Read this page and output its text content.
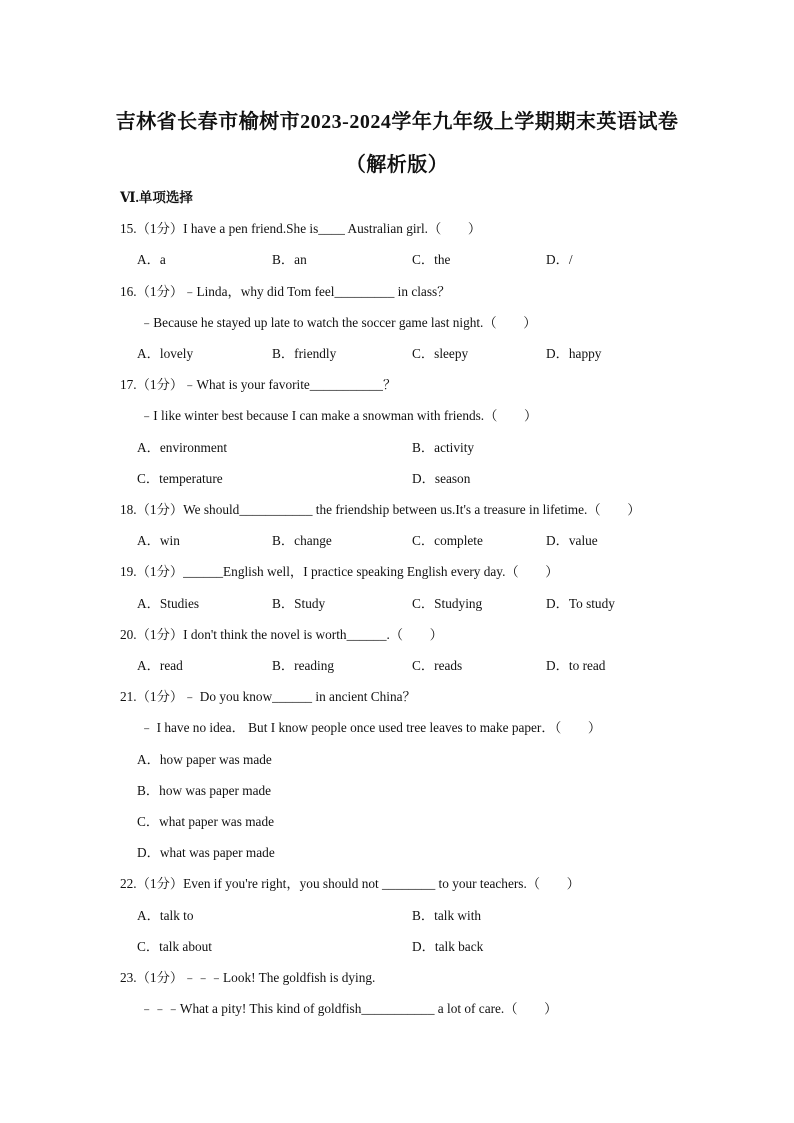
吉林省长春市榆树市2023-2024学年九年级上学期期末英语试卷
（解析版）
Ⅵ.单项选择
15.（1分）I have a pen friend.She is____ Australian girl.（　　）
A．a	B．an	C．the	D．/
16.（1分）﹣Linda，why did Tom feel_________ in class？
﹣Because he stayed up late to watch the soccer game last night.（　　）
A．lovely	B．friendly	C．sleepy	D．happy
17.（1分）﹣What is your favorite___________？
﹣I like winter best because I can make a snowman with friends.（　　）
A．environment	B．activity
C．temperature	D．season
18.（1分）We should___________ the friendship between us.It's a treasure in lifetime.（　　）
A．win	B．change	C．complete	D．value
19.（1分）______English well，I practice speaking English every day.（　　）
A．Studies	B．Study	C．Studying	D．To study
20.（1分）I don't think the novel is worth______.（　　）
A．read	B．reading	C．reads	D．to read
21.（1分）﹣ Do you know______ in ancient China？
﹣ I have no idea． But I know people once used tree leaves to make paper．（　　）
A．how paper was made
B．how was paper made
C．what paper was made
D．what was paper made
22.（1分）Even if you're right，you should not ________ to your teachers.（　　）
A．talk to	B．talk with
C．talk about	D．talk back
23.（1分）﹣﹣﹣Look! The goldfish is dying.
﹣﹣﹣What a pity! This kind of goldfish___________ a lot of care.（　　）
